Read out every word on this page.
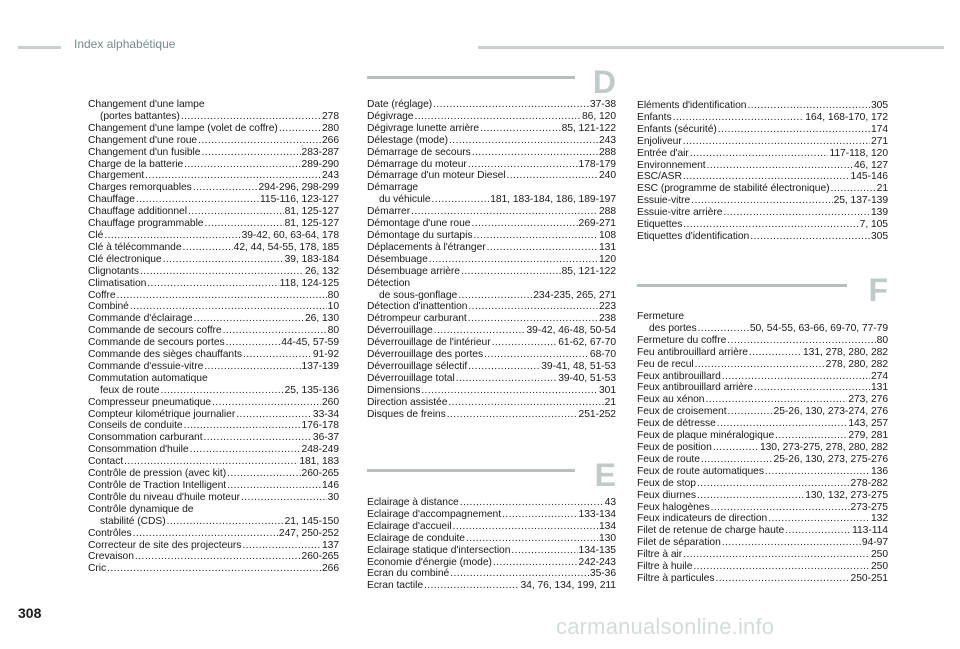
Index alphabétique
D
E
F
Changement d'une lampe
(portes battantes) .....	278
Changement d'une lampe (volet de coffre) .....	280
Changement d'une roue .....	266
Changement d'un fusible .....	283-287
Charge de la batterie .....	289-290
Chargement .....	243
Charges remorquables .....	294-296, 298-299
Chauffage .....	115-116, 123-127
Chauffage additionnel .....	81, 125-127
Chauffage programmable .....	81, 125-127
Clé .....	39-42, 60, 63-64, 178
Clé à télécommande .....	42, 44, 54-55, 178, 185
Clé électronique .....	39, 183-184
Clignotants .....	26, 132
Climatisation .....	118, 124-125
Coffre .....	80
Combiné .....	10
Commande d'éclairage .....	26, 130
Commande de secours coffre .....	80
Commande de secours portes .....	44-45, 57-59
Commande des sièges chauffants .....	91-92
Commande d'essuie-vitre .....	137-139
Commutation automatique
feux de route .....	25, 135-136
Compresseur pneumatique .....	260
Compteur kilométrique journalier .....	33-34
Conseils de conduite .....	176-178
Consommation carburant .....	36-37
Consommation d'huile .....	248-249
Contact .....	181, 183
Contrôle de pression (avec kit) .....	260-265
Contrôle de Traction Intelligent .....	146
Contrôle du niveau d'huile moteur .....	30
Contrôle dynamique de
stabilité (CDS) .....	21, 145-150
Contrôles .....	247, 250-252
Correcteur de site des projecteurs .....	137
Crevaison .....	260-265
Cric .....	266
Date (réglage) .....	37-38
Dégivrage .....	86, 120
Dégivrage lunette arrière .....	85, 121-122
Délestage (mode) .....	243
Démarrage de secours .....	288
Démarrage du moteur .....	178-179
Démarrage d'un moteur Diesel .....	240
Démarrage
du véhicule .....	181, 183-184, 186, 189-197
Démarrer .....	288
Démontage d'une roue .....	269-271
Démontage du surtapis .....	108
Déplacements à l'étranger .....	131
Désembuage .....	120
Désembuage arrière .....	85, 121-122
Détection
de sous-gonflage .....	234-235, 265, 271
Détection d'inattention .....	223
Détrompeur carburant .....	238
Déverrouillage .....	39-42, 46-48, 50-54
Déverrouillage de l'intérieur .....	61-62, 67-70
Déverrouillage des portes .....	68-70
Déverrouillage sélectif .....	39-41, 48, 51-53
Déverrouillage total .....	39-40, 51-53
Dimensions .....	301
Direction assistée .....	21
Disques de freins .....	251-252
Eclairage à distance .....	43
Eclairage d'accompagnement .....	133-134
Eclairage d'accueil .....	134
Eclairage de conduite .....	130
Eclairage statique d'intersection .....	134-135
Economie d'énergie (mode) .....	242-243
Ecran du combiné .....	35-36
Ecran tactile .....	34, 76, 134, 199, 211
Eléments d'identification .....	305
Enfants .....	164, 168-170, 172
Enfants (sécurité) .....	174
Enjoliveur .....	271
Entrée d'air .....	117-118, 120
Environnement .....	46, 127
ESC/ASR .....	145-146
ESC (programme de stabilité électronique) .....	21
Essuie-vitre .....	25, 137-139
Essuie-vitre arrière .....	139
Etiquettes .....	7, 105
Etiquettes d'identification .....	305
Fermeture
des portes .....	50, 54-55, 63-66, 69-70, 77-79
Fermeture du coffre .....	80
Feu antibrouillard arrière .....	131, 278, 280, 282
Feu de recul .....	278, 280, 282
Feux antibrouillard .....	274
Feux antibrouillard arrière .....	131
Feux au xénon .....	273, 276
Feux de croisement .....	25-26, 130, 273-274, 276
Feux de détresse .....	143, 257
Feux de plaque minéralogique .....	279, 281
Feux de position .....	130, 273-275, 278, 280, 282
Feux de route .....	25-26, 130, 273, 275-276
Feux de route automatiques .....	136
Feux de stop .....	278-282
Feux diurnes .....	130, 132, 273-275
Feux halogènes .....	273-275
Feux indicateurs de direction .....	132
Filet de retenue de charge haute .....	113-114
Filet de séparation .....	94-97
Filtre à air .....	250
Filtre à huile .....	250
Filtre à particules .....	250-251
308
carmanualsonline.info
